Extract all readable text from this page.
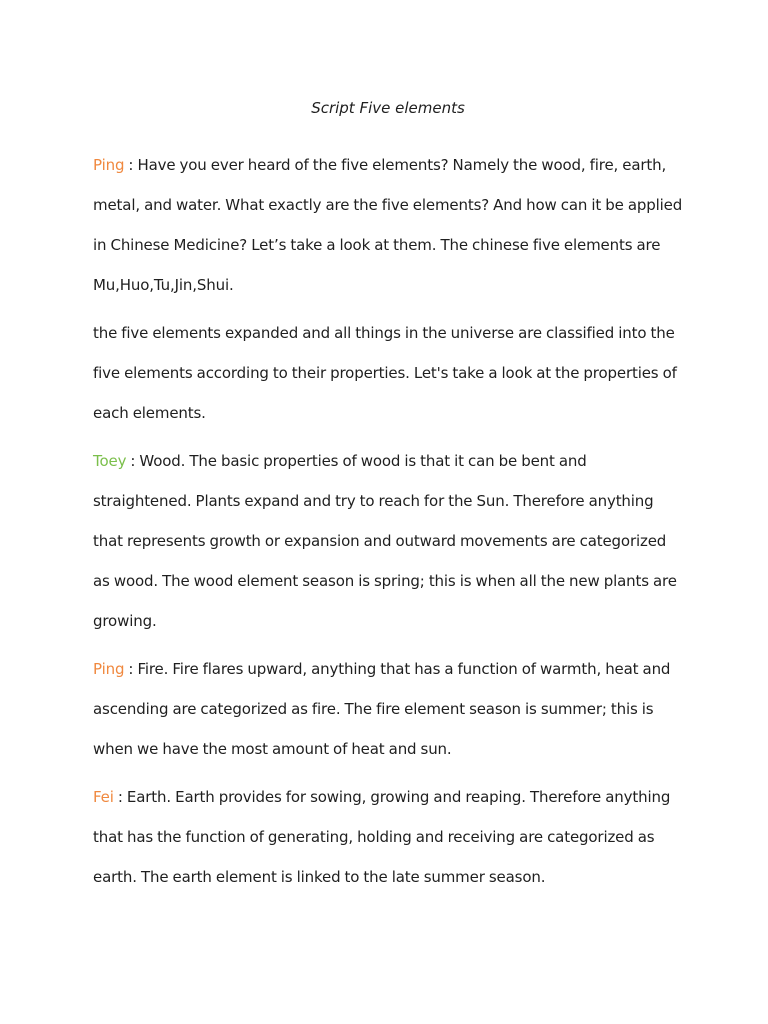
Script Five elements

Ping : Have you ever heard of the five elements? Namely the wood, fire, earth, metal, and water. What exactly are the five elements? And how can it be applied in Chinese Medicine? Let’s take a look at them. The chinese five elements are Mu,Huo,Tu,Jin,Shui.

the five elements expanded and all things in the universe are classified into the five elements according to their properties. Let's take a look at the properties of each elements.

Toey : Wood. The basic properties of wood is that it can be bent and straightened. Plants expand and try to reach for the Sun. Therefore anything that represents growth or expansion and outward movements are categorized as wood. The wood element season is spring; this is when all the new plants are growing.

Ping : Fire. Fire flares upward, anything that has a function of warmth, heat and ascending are categorized as fire. The fire element season is summer; this is when we have the most amount of heat and sun.

Fei : Earth. Earth provides for sowing, growing and reaping. Therefore anything that has the function of generating, holding and receiving are categorized as earth. The earth element is linked to the late summer season.
